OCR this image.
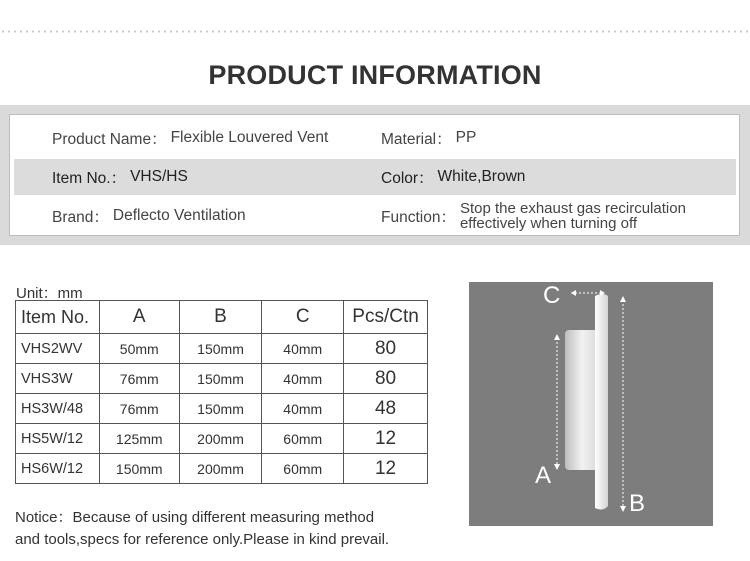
PRODUCT INFORMATION
Product Name： Flexible Louvered Vent	Material： PP
Item No.： VHS/HS	Color： White,Brown
Brand： Deflecto Ventilation	Function：
Stop the exhaust gas recirculation
effectively when turning off
Unit：mm
Item No.	A	B	C	Pcs/Ctn
VHS2WV	50mm	150mm	40mm	80
VHS3W	76mm	150mm	40mm	80
HS3W/48	76mm	150mm	40mm	48
HS5W/12	125mm	200mm	60mm	12
HS6W/12	150mm	200mm	60mm	12
Notice：Because of using different measuring method
and tools,specs for reference only.Please in kind prevail.
C
A
B
